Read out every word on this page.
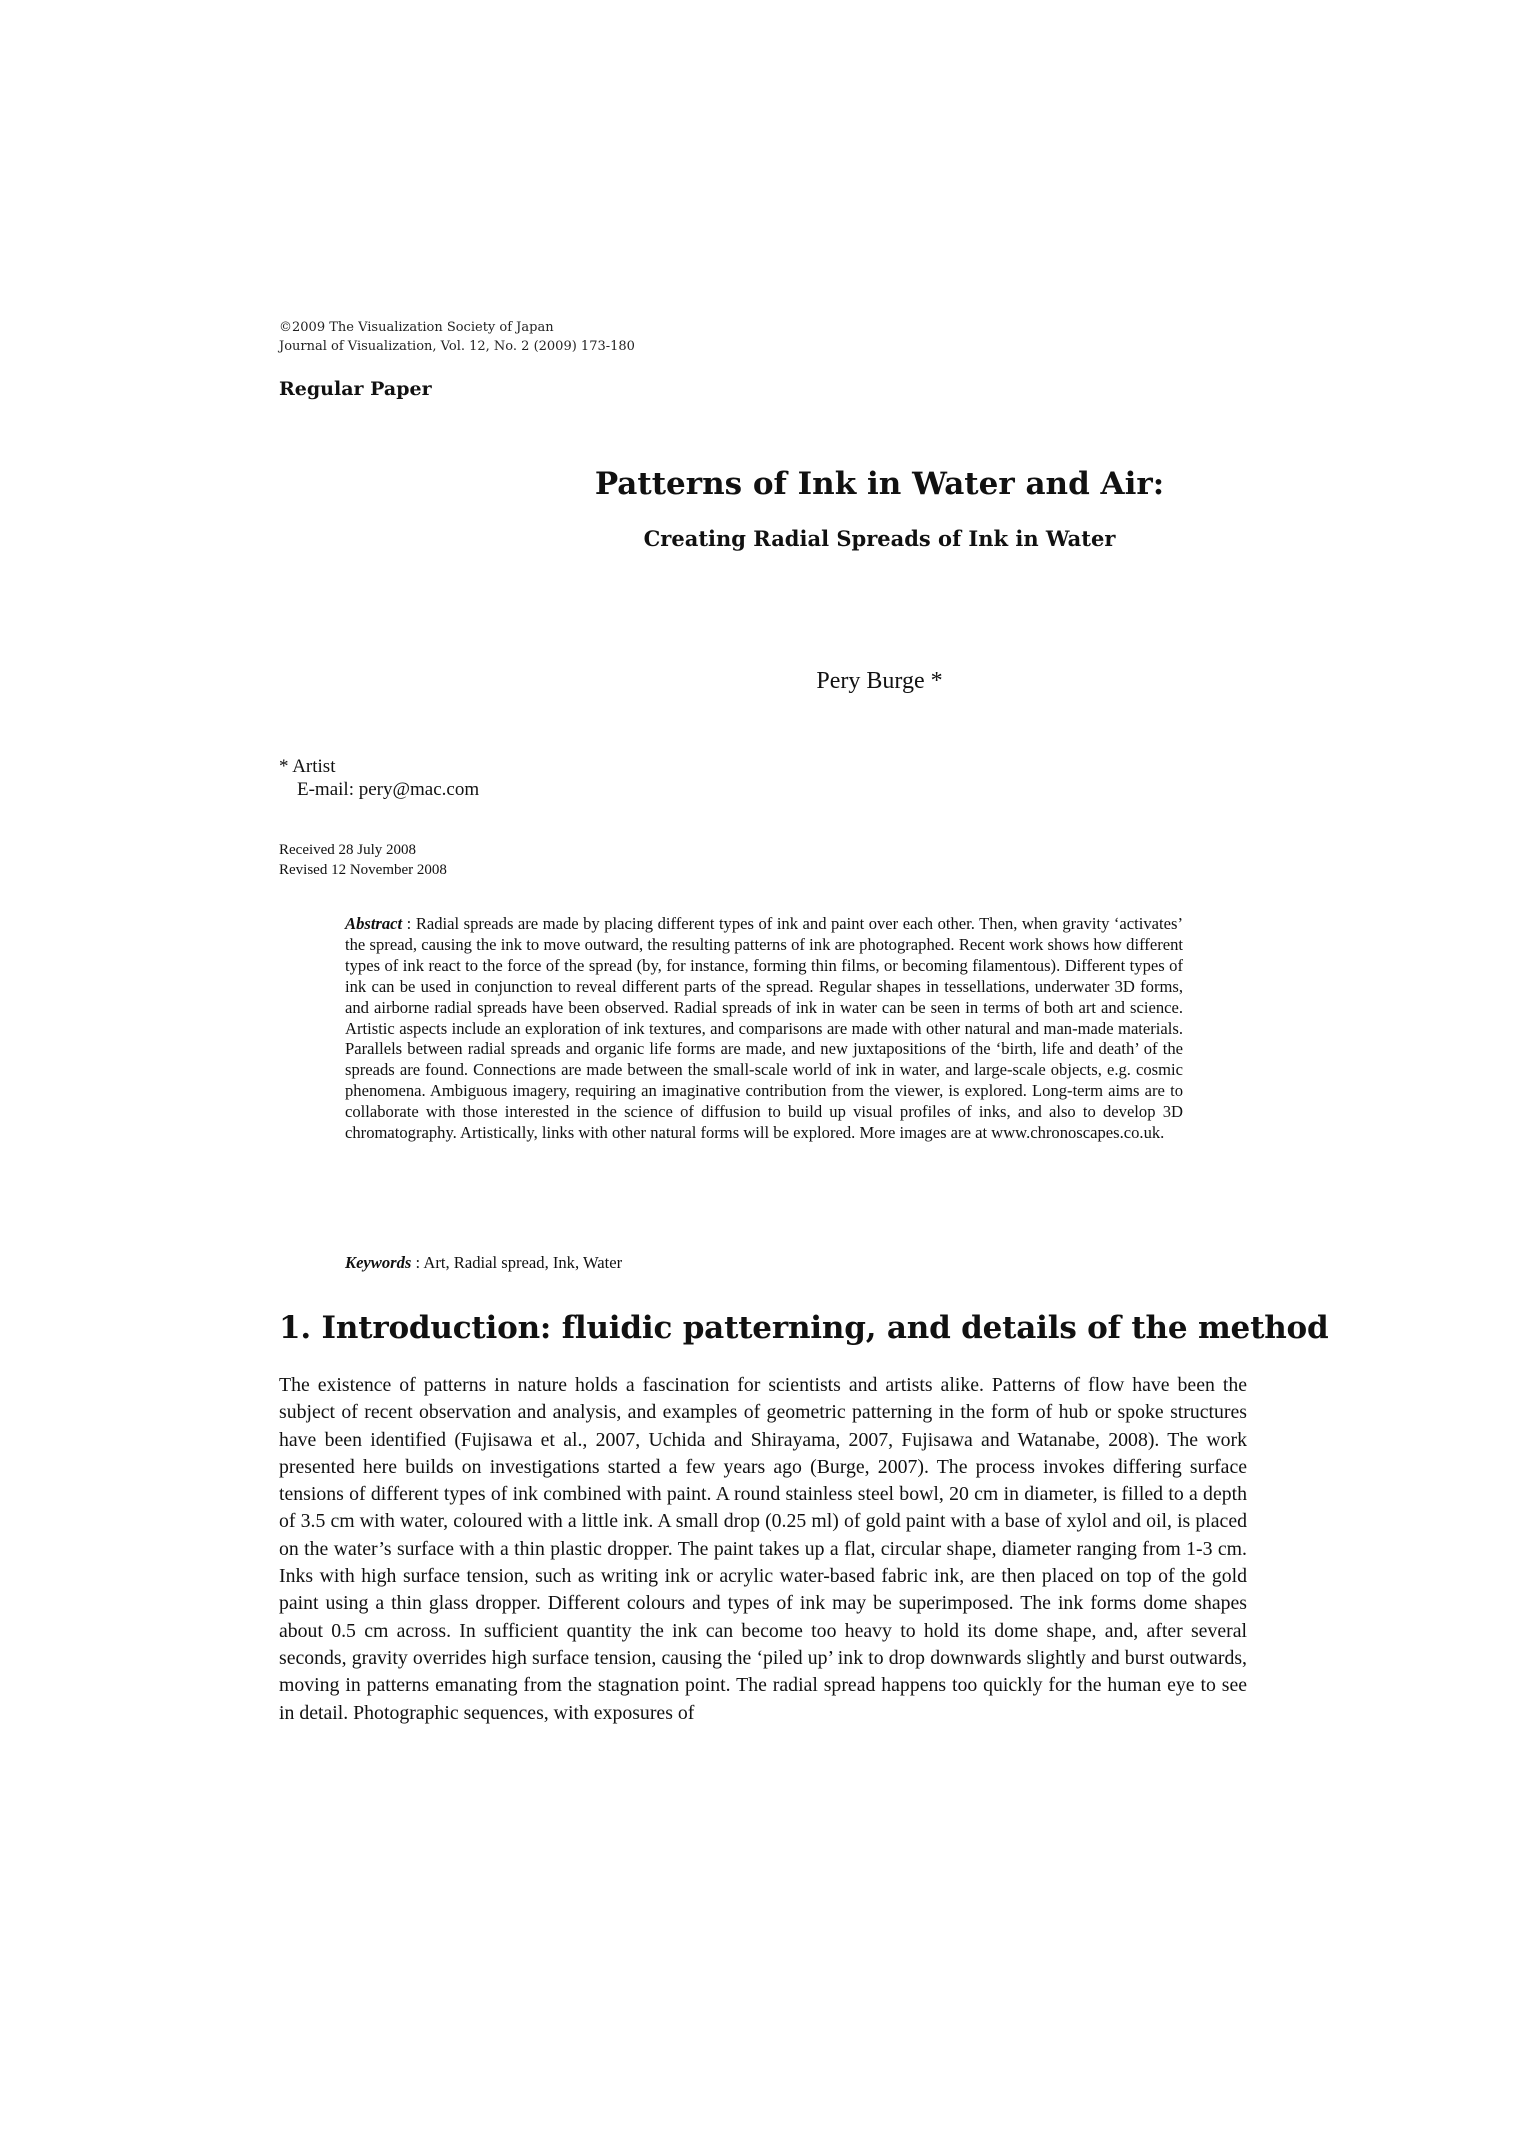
©2009 The Visualization Society of Japan
Journal of Visualization, Vol. 12, No. 2 (2009) 173-180
Regular Paper
Patterns of Ink in Water and Air:
Creating Radial Spreads of Ink in Water
Pery Burge *
* Artist
E-mail: pery@mac.com
Received 28 July 2008
Revised 12 November 2008
Abstract : Radial spreads are made by placing different types of ink and paint over each other. Then, when gravity ‘activates’ the spread, causing the ink to move outward, the resulting patterns of ink are photographed. Recent work shows how different types of ink react to the force of the spread (by, for instance, forming thin films, or becoming filamentous). Different types of ink can be used in conjunction to reveal different parts of the spread. Regular shapes in tessellations, underwater 3D forms, and airborne radial spreads have been observed. Radial spreads of ink in water can be seen in terms of both art and science. Artistic aspects include an exploration of ink textures, and comparisons are made with other natural and man-made materials. Parallels between radial spreads and organic life forms are made, and new juxtapositions of the ‘birth, life and death’ of the spreads are found. Connections are made between the small-scale world of ink in water, and large-scale objects, e.g. cosmic phenomena. Ambiguous imagery, requiring an imaginative contribution from the viewer, is explored. Long-term aims are to collaborate with those interested in the science of diffusion to build up visual profiles of inks, and also to develop 3D chromatography. Artistically, links with other natural forms will be explored. More images are at www.chronoscapes.co.uk.
Keywords : Art, Radial spread, Ink, Water
1. Introduction: fluidic patterning, and details of the method
The existence of patterns in nature holds a fascination for scientists and artists alike. Patterns of flow have been the subject of recent observation and analysis, and examples of geometric patterning in the form of hub or spoke structures have been identified (Fujisawa et al., 2007, Uchida and Shirayama, 2007, Fujisawa and Watanabe, 2008). The work presented here builds on investigations started a few years ago (Burge, 2007). The process invokes differing surface tensions of different types of ink combined with paint. A round stainless steel bowl, 20 cm in diameter, is filled to a depth of 3.5 cm with water, coloured with a little ink. A small drop (0.25 ml) of gold paint with a base of xylol and oil, is placed on the water’s surface with a thin plastic dropper. The paint takes up a flat, circular shape, diameter ranging from 1-3 cm. Inks with high surface tension, such as writing ink or acrylic water-based fabric ink, are then placed on top of the gold paint using a thin glass dropper. Different colours and types of ink may be superimposed. The ink forms dome shapes about 0.5 cm across. In sufficient quantity the ink can become too heavy to hold its dome shape, and, after several seconds, gravity overrides high surface tension, causing the ‘piled up’ ink to drop downwards slightly and burst outwards, moving in patterns emanating from the stagnation point. The radial spread happens too quickly for the human eye to see in detail. Photographic sequences, with exposures of
